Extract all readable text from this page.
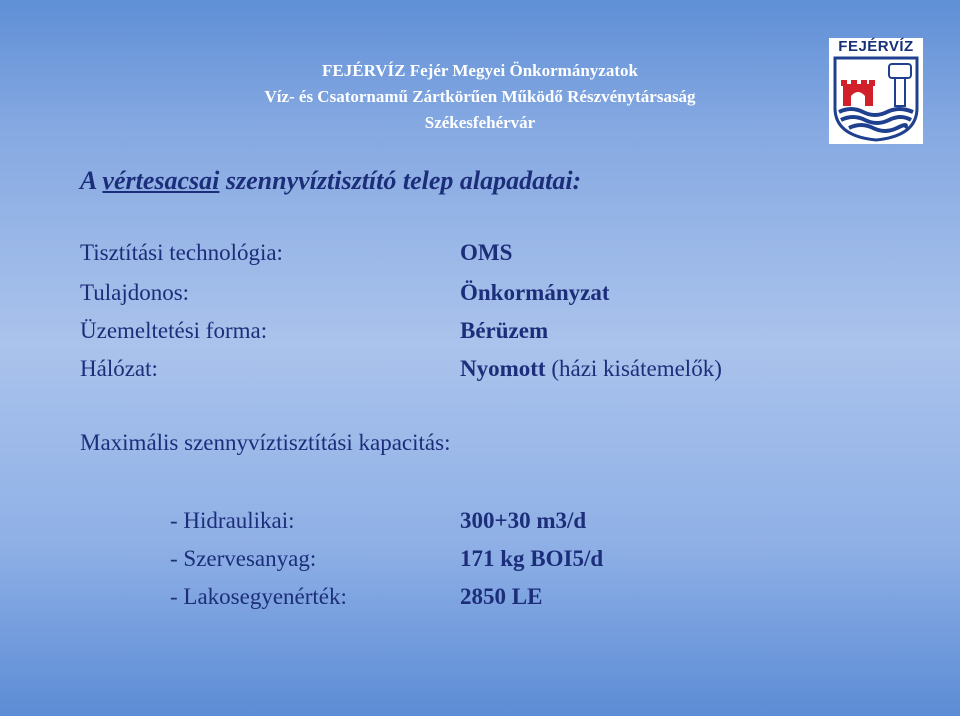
FEJÉRVÍZ Fejér Megyei Önkormányzatok
Víz- és Csatornamű Zártkörűen Működő Részvénytársaság
Székesfehérvár
FEJÉRVÍZ
A vértesacsai szennyvíztisztító telep alapadatai:
Tisztítási technológia:	OMS
Tulajdonos:	Önkormányzat
Üzemeltetési forma:	Bérüzem
Hálózat:	Nyomott (házi kisátemelők)
Maximális szennyvíztisztítási kapacitás:
- Hidraulikai:	300+30 m3/d
- Szervesanyag:	171 kg BOI5/d
- Lakosegyenérték:	2850 LE
